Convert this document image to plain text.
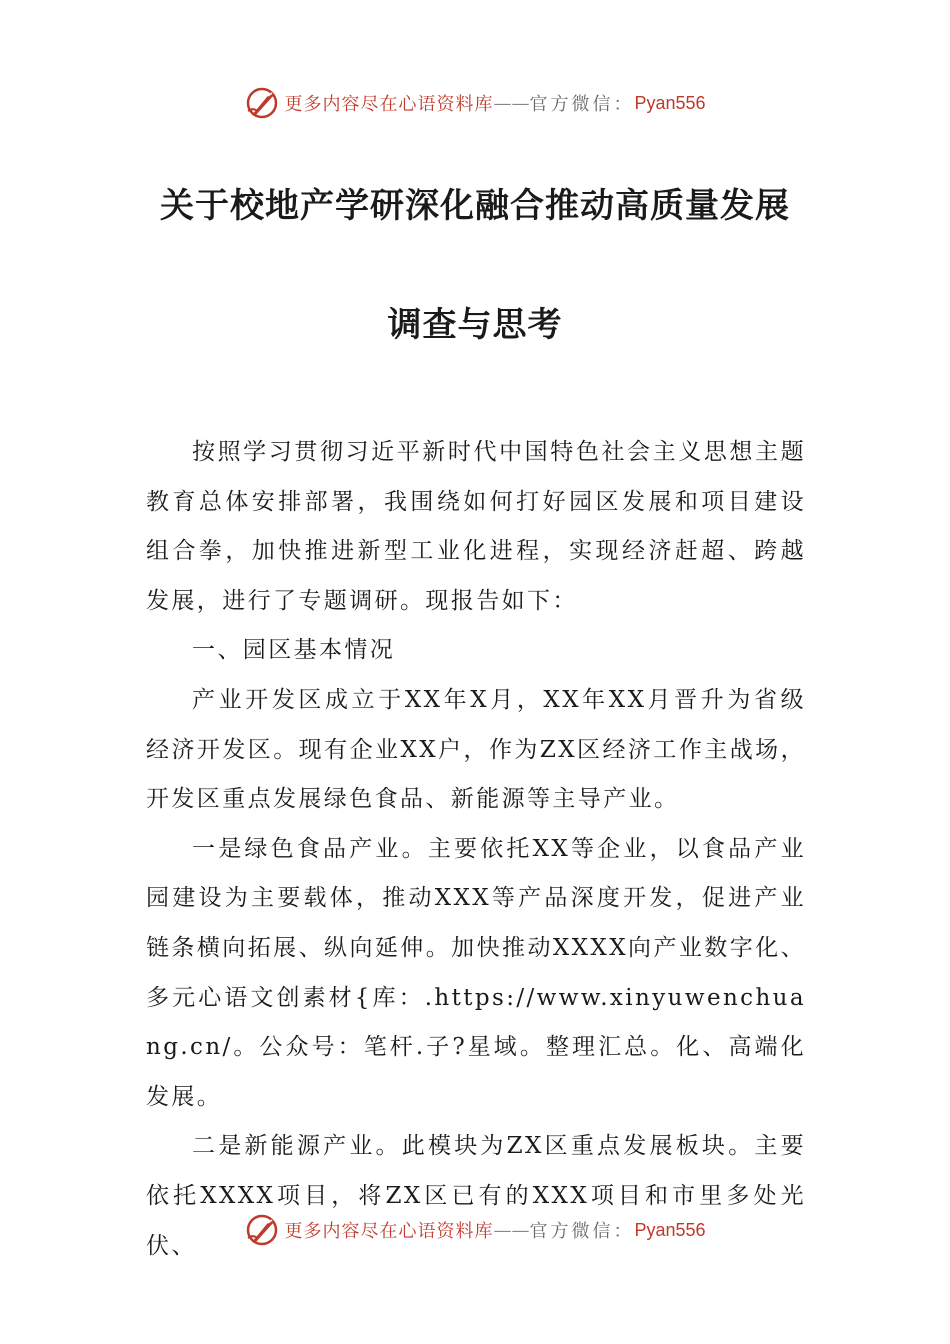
更多内容尽在心语资料库 —— 官方微信： Pyan556
关于校地产学研深化融合推动高质量发展
调查与思考

按照学习贯彻习近平新时代中国特色社会主义思想主题教育总体安排部署，我围绕如何打好园区发展和项目建设组合拳，加快推进新型工业化进程，实现经济赶超、跨越发展，进行了专题调研。现报告如下：

一、园区基本情况

产业开发区成立于XX年X月，XX年XX月晋升为省级经济开发区。现有企业XX户，作为ZX区经济工作主战场，开发区重点发展绿色食品、新能源等主导产业。

一是绿色食品产业。主要依托XX等企业，以食品产业园建设为主要载体，推动XXX等产品深度开发，促进产业链条横向拓展、纵向延伸。加快推动XXXX向产业数字化、多元心语文创素材{库：.https://www.xinyuwenchuang.cn/。公众号：笔杆.子?星域。整理汇总。化、高端化发展。

二是新能源产业。此模块为ZX区重点发展板块。主要依托XXXX项目，将ZX区已有的XXX项目和市里多处光伏、

更多内容尽在心语资料库 —— 官方微信： Pyan556
